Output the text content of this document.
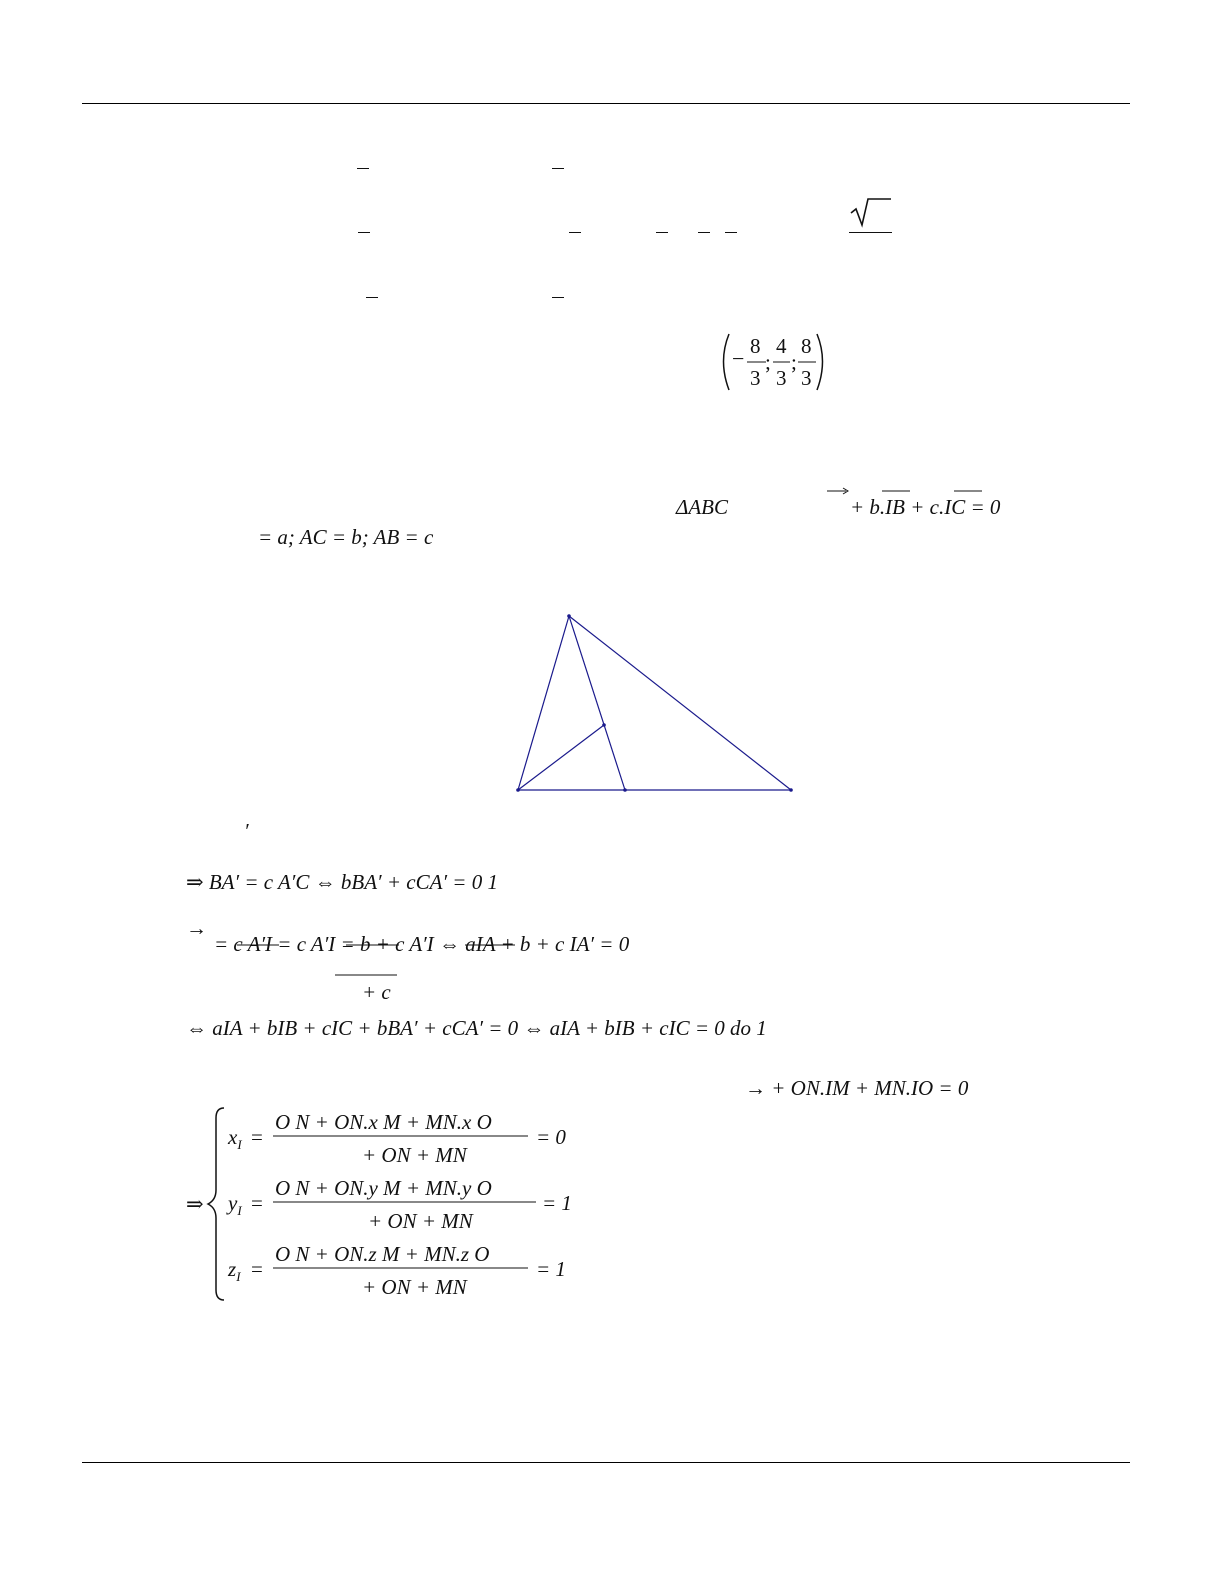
− 8
3
;
4
3
;
8
3
ΔABC	+ b.IB + c.IC = 0
= a; AC = b; AB = c
′
⇒ BA′ = c A′C ⇔ bBA′ + cCA′ = 0 1
→
= c A′I = c A′I = b + c A′I ⇔ aIA + b + c IA′ = 0
+ c
⇔ aIA + bIB + cIC + bBA′ + cCA′ = 0 ⇔ aIA + bIB + cIC = 0 do 1
→ + ON.IM + MN.IO = 0
⇒
$x_I$ =
O N + ON.x M + MN.x O
+ ON + MN
= 0
$y_I$ =
O N + ON.y M + MN.y O
+ ON + MN
= 1
$z_I$ =
O N + ON.z M + MN.z O
+ ON + MN
= 1
